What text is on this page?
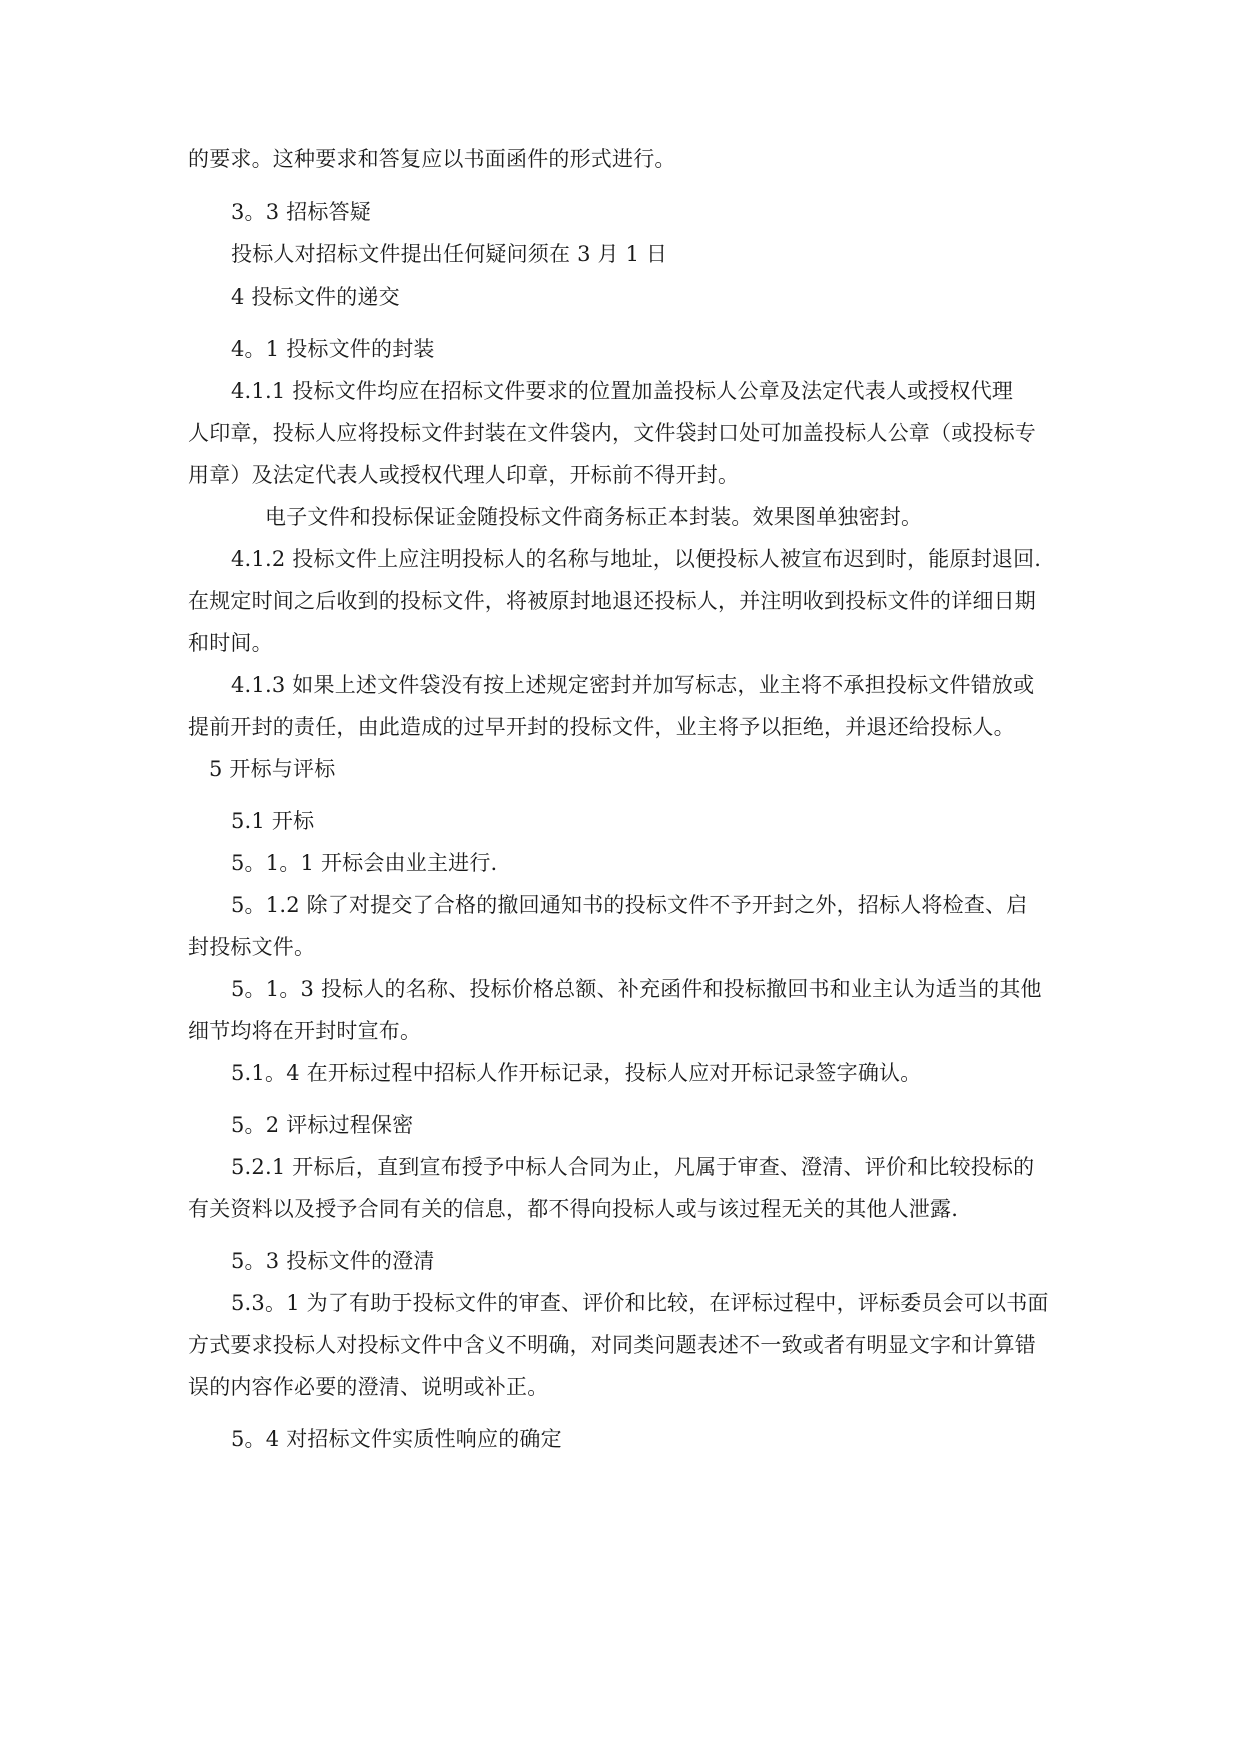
的要求。这种要求和答复应以书面函件的形式进行。
3。3 招标答疑
投标人对招标文件提出任何疑问须在 3 月 1 日
4 投标文件的递交
4。1 投标文件的封装
4.1.1 投标文件均应在招标文件要求的位置加盖投标人公章及法定代表人或授权代理
人印章，投标人应将投标文件封装在文件袋内，文件袋封口处可加盖投标人公章（或投标专
用章）及法定代表人或授权代理人印章，开标前不得开封。
电子文件和投标保证金随投标文件商务标正本封装。效果图单独密封。
4.1.2 投标文件上应注明投标人的名称与地址，以便投标人被宣布迟到时，能原封退回.
在规定时间之后收到的投标文件，将被原封地退还投标人，并注明收到投标文件的详细日期
和时间。
4.1.3 如果上述文件袋没有按上述规定密封并加写标志，业主将不承担投标文件错放或
提前开封的责任，由此造成的过早开封的投标文件，业主将予以拒绝，并退还给投标人。
5 开标与评标
5.1 开标
5。1。1 开标会由业主进行.
5。1.2 除了对提交了合格的撤回通知书的投标文件不予开封之外，招标人将检查、启
封投标文件。
5。1。3 投标人的名称、投标价格总额、补充函件和投标撤回书和业主认为适当的其他
细节均将在开封时宣布。
5.1。4 在开标过程中招标人作开标记录，投标人应对开标记录签字确认。
5。2 评标过程保密
5.2.1 开标后，直到宣布授予中标人合同为止，凡属于审查、澄清、评价和比较投标的
有关资料以及授予合同有关的信息，都不得向投标人或与该过程无关的其他人泄露.
5。3 投标文件的澄清
5.3。1 为了有助于投标文件的审查、评价和比较，在评标过程中，评标委员会可以书面
方式要求投标人对投标文件中含义不明确，对同类问题表述不一致或者有明显文字和计算错
误的内容作必要的澄清、说明或补正。
5。4 对招标文件实质性响应的确定
